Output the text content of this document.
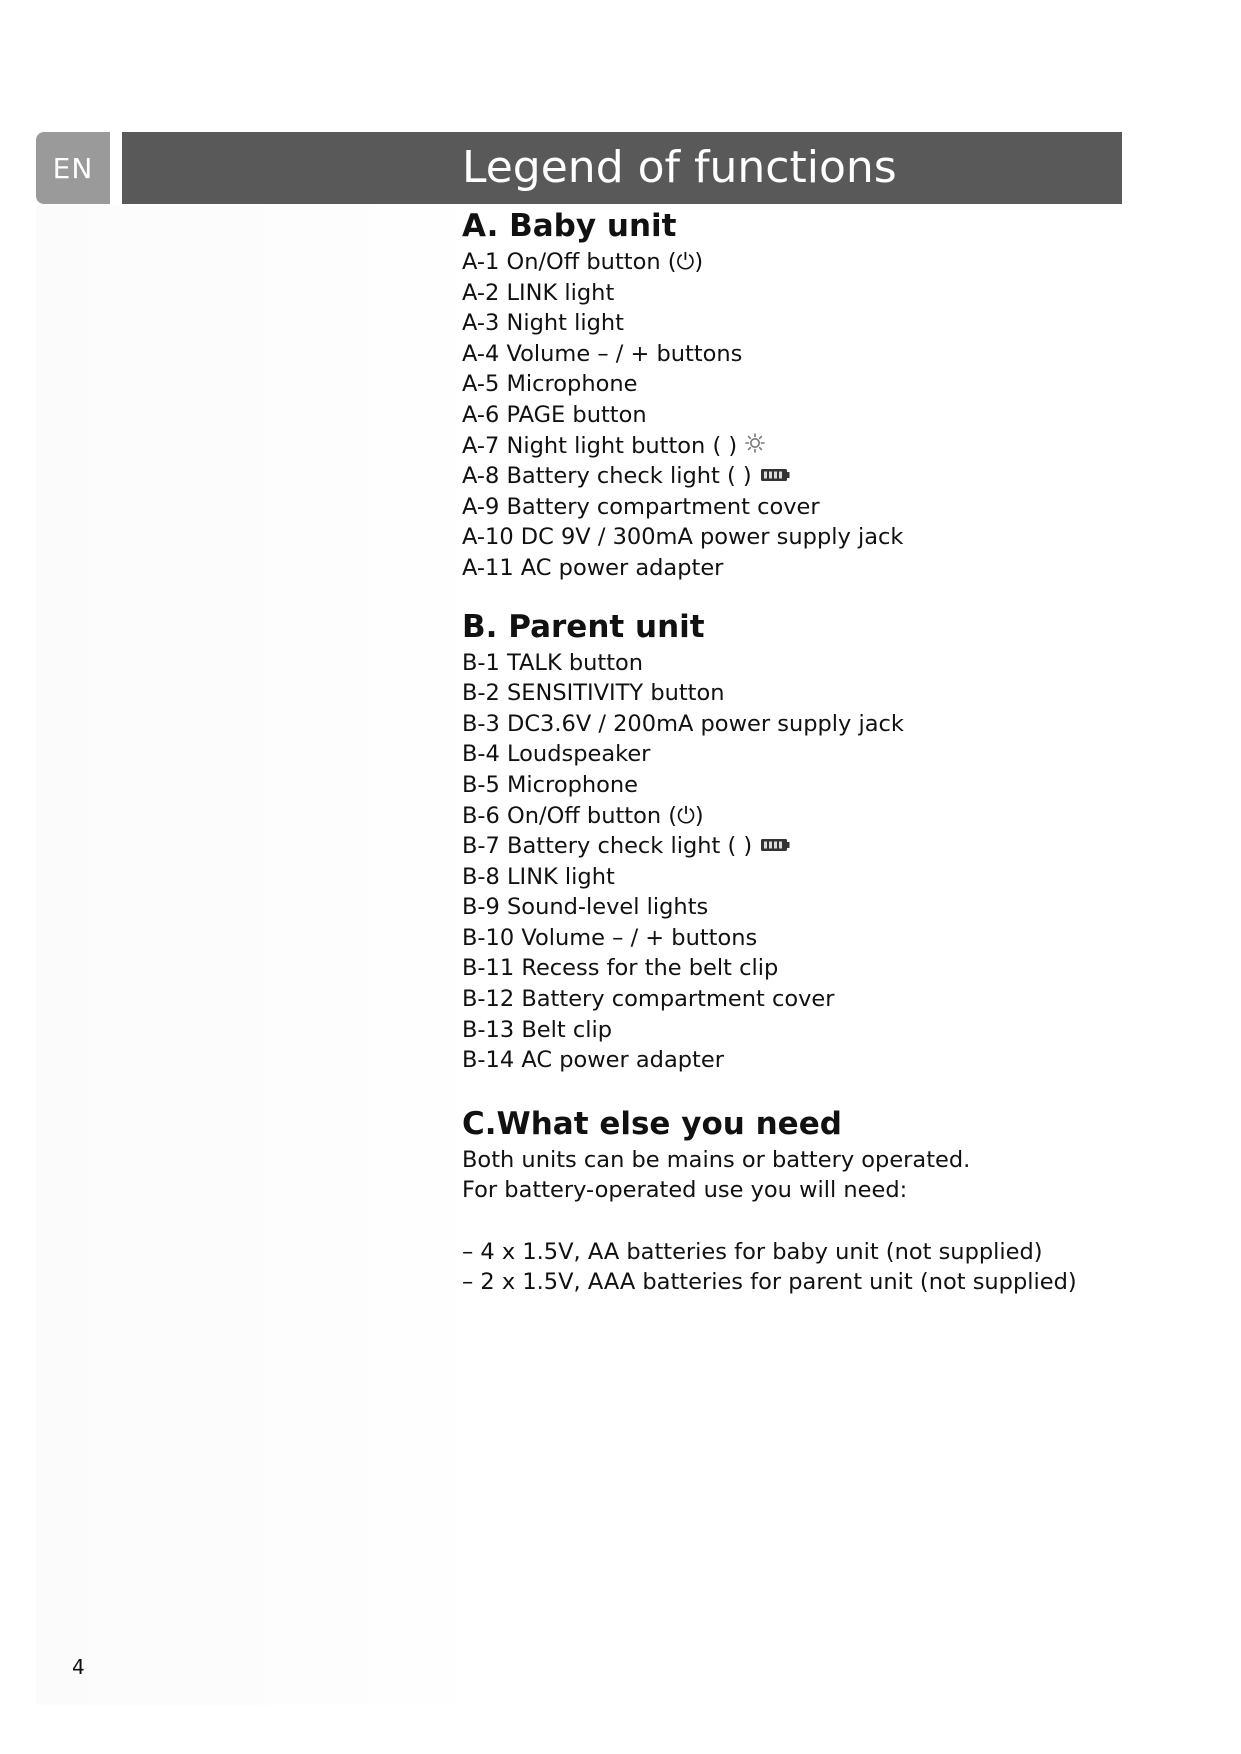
EN	Legend of functions
A. Baby unit
A-1 On/Off button (⏻)
A-2 LINK light
A-3 Night light
A-4 Volume – / + buttons
A-5 Microphone
A-6 PAGE button
A-7 Night light button ( )
A-8 Battery check light ( )
A-9 Battery compartment cover
A-10 DC 9V / 300mA power supply jack
A-11 AC power adapter
B. Parent unit
B-1 TALK button
B-2 SENSITIVITY button
B-3 DC3.6V / 200mA power supply jack
B-4 Loudspeaker
B-5 Microphone
B-6 On/Off button (⏻)
B-7 Battery check light ( )
B-8 LINK light
B-9 Sound-level lights
B-10 Volume – / + buttons
B-11 Recess for the belt clip
B-12 Battery compartment cover
B-13 Belt clip
B-14 AC power adapter
C.What else you need
Both units can be mains or battery operated.
For battery-operated use you will need:
– 4 x 1.5V, AA batteries for baby unit (not supplied)
– 2 x 1.5V, AAA batteries for parent unit (not supplied)
4
